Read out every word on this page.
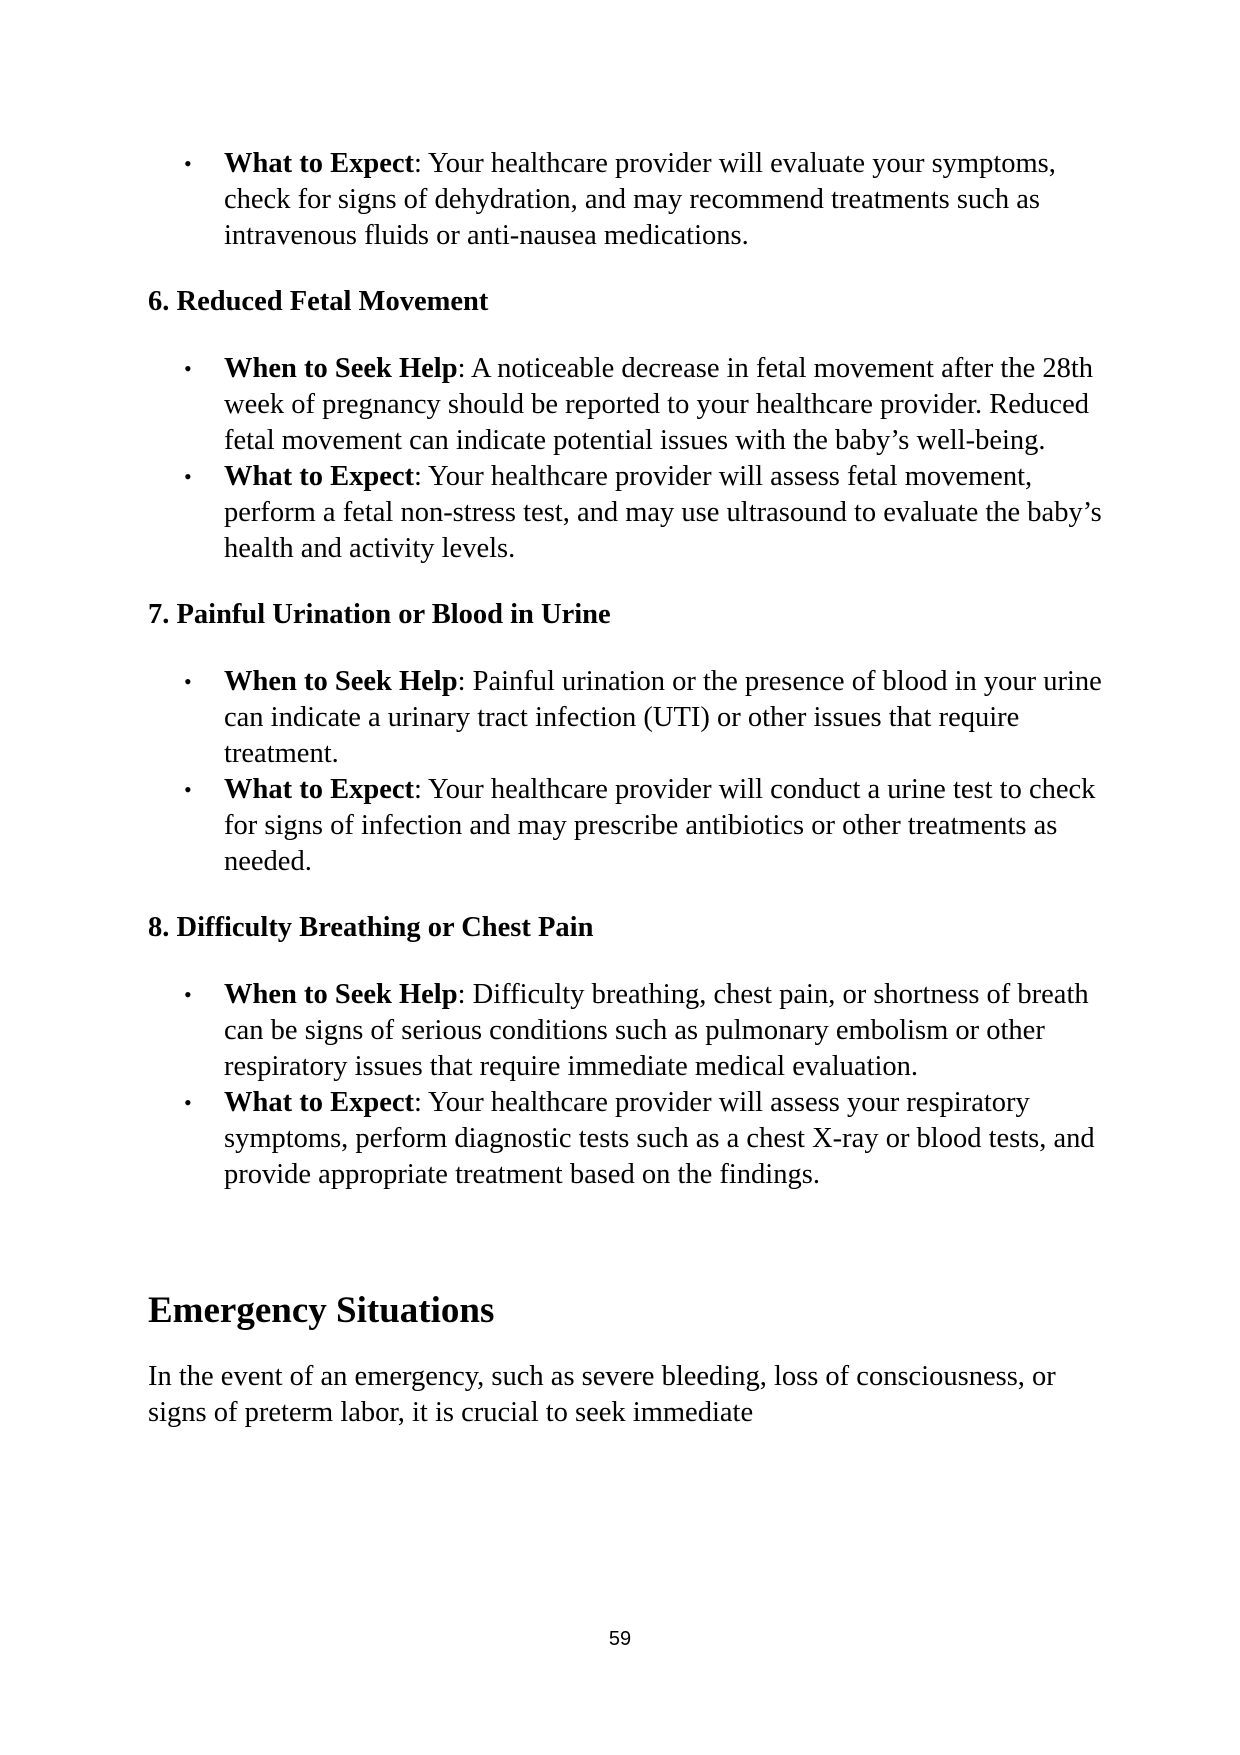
• What to Expect: Your healthcare provider will evaluate your symptoms, check for signs of dehydration, and may recommend treatments such as intravenous fluids or anti-nausea medications.
6. Reduced Fetal Movement
• When to Seek Help: A noticeable decrease in fetal movement after the 28th week of pregnancy should be reported to your healthcare provider. Reduced fetal movement can indicate potential issues with the baby’s well-being.
• What to Expect: Your healthcare provider will assess fetal movement, perform a fetal non-stress test, and may use ultrasound to evaluate the baby’s health and activity levels.
7. Painful Urination or Blood in Urine
• When to Seek Help: Painful urination or the presence of blood in your urine can indicate a urinary tract infection (UTI) or other issues that require treatment.
• What to Expect: Your healthcare provider will conduct a urine test to check for signs of infection and may prescribe antibiotics or other treatments as needed.
8. Difficulty Breathing or Chest Pain
• When to Seek Help: Difficulty breathing, chest pain, or shortness of breath can be signs of serious conditions such as pulmonary embolism or other respiratory issues that require immediate medical evaluation.
• What to Expect: Your healthcare provider will assess your respiratory symptoms, perform diagnostic tests such as a chest X-ray or blood tests, and provide appropriate treatment based on the findings.
Emergency Situations

In the event of an emergency, such as severe bleeding, loss of consciousness, or signs of preterm labor, it is crucial to seek immediate

59
